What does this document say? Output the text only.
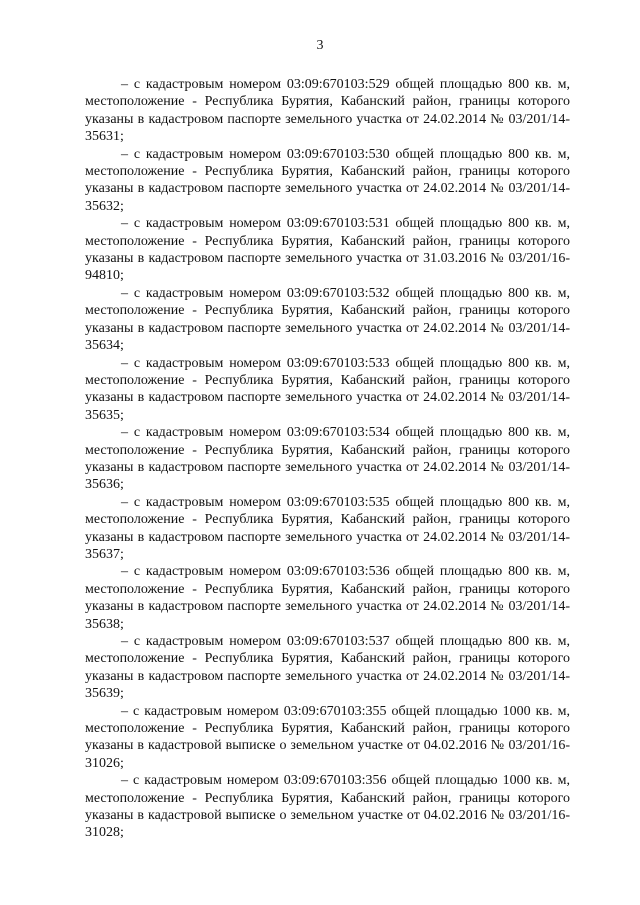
3

– с кадастровым номером 03:09:670103:529 общей площадью 800 кв. м, местоположение - Республика Бурятия, Кабанский район, границы которого указаны в кадастровом паспорте земельного участка от 24.02.2014 № 03/201/14-35631;

– с кадастровым номером 03:09:670103:530 общей площадью 800 кв. м, местоположение - Республика Бурятия, Кабанский район, границы которого указаны в кадастровом паспорте земельного участка от 24.02.2014 № 03/201/14-35632;

– с кадастровым номером 03:09:670103:531 общей площадью 800 кв. м, местоположение - Республика Бурятия, Кабанский район, границы которого указаны в кадастровом паспорте земельного участка от 31.03.2016 № 03/201/16-94810;

– с кадастровым номером 03:09:670103:532 общей площадью 800 кв. м, местоположение - Республика Бурятия, Кабанский район, границы которого указаны в кадастровом паспорте земельного участка от 24.02.2014 № 03/201/14-35634;

– с кадастровым номером 03:09:670103:533 общей площадью 800 кв. м, местоположение - Республика Бурятия, Кабанский район, границы которого указаны в кадастровом паспорте земельного участка от 24.02.2014 № 03/201/14-35635;

– с кадастровым номером 03:09:670103:534 общей площадью 800 кв. м, местоположение - Республика Бурятия, Кабанский район, границы которого указаны в кадастровом паспорте земельного участка от 24.02.2014 № 03/201/14-35636;

– с кадастровым номером 03:09:670103:535 общей площадью 800 кв. м, местоположение - Республика Бурятия, Кабанский район, границы которого указаны в кадастровом паспорте земельного участка от 24.02.2014 № 03/201/14-35637;

– с кадастровым номером 03:09:670103:536 общей площадью 800 кв. м, местоположение - Республика Бурятия, Кабанский район, границы которого указаны в кадастровом паспорте земельного участка от 24.02.2014 № 03/201/14-35638;

– с кадастровым номером 03:09:670103:537 общей площадью 800 кв. м, местоположение - Республика Бурятия, Кабанский район, границы которого указаны в кадастровом паспорте земельного участка от 24.02.2014 № 03/201/14-35639;

– с кадастровым номером 03:09:670103:355 общей площадью 1000 кв. м, местоположение - Республика Бурятия, Кабанский район, границы которого указаны в кадастровой выписке о земельном участке от 04.02.2016 № 03/201/16-31026;

– с кадастровым номером 03:09:670103:356 общей площадью 1000 кв. м, местоположение - Республика Бурятия, Кабанский район, границы которого указаны в кадастровой выписке о земельном участке от 04.02.2016 № 03/201/16-31028;
